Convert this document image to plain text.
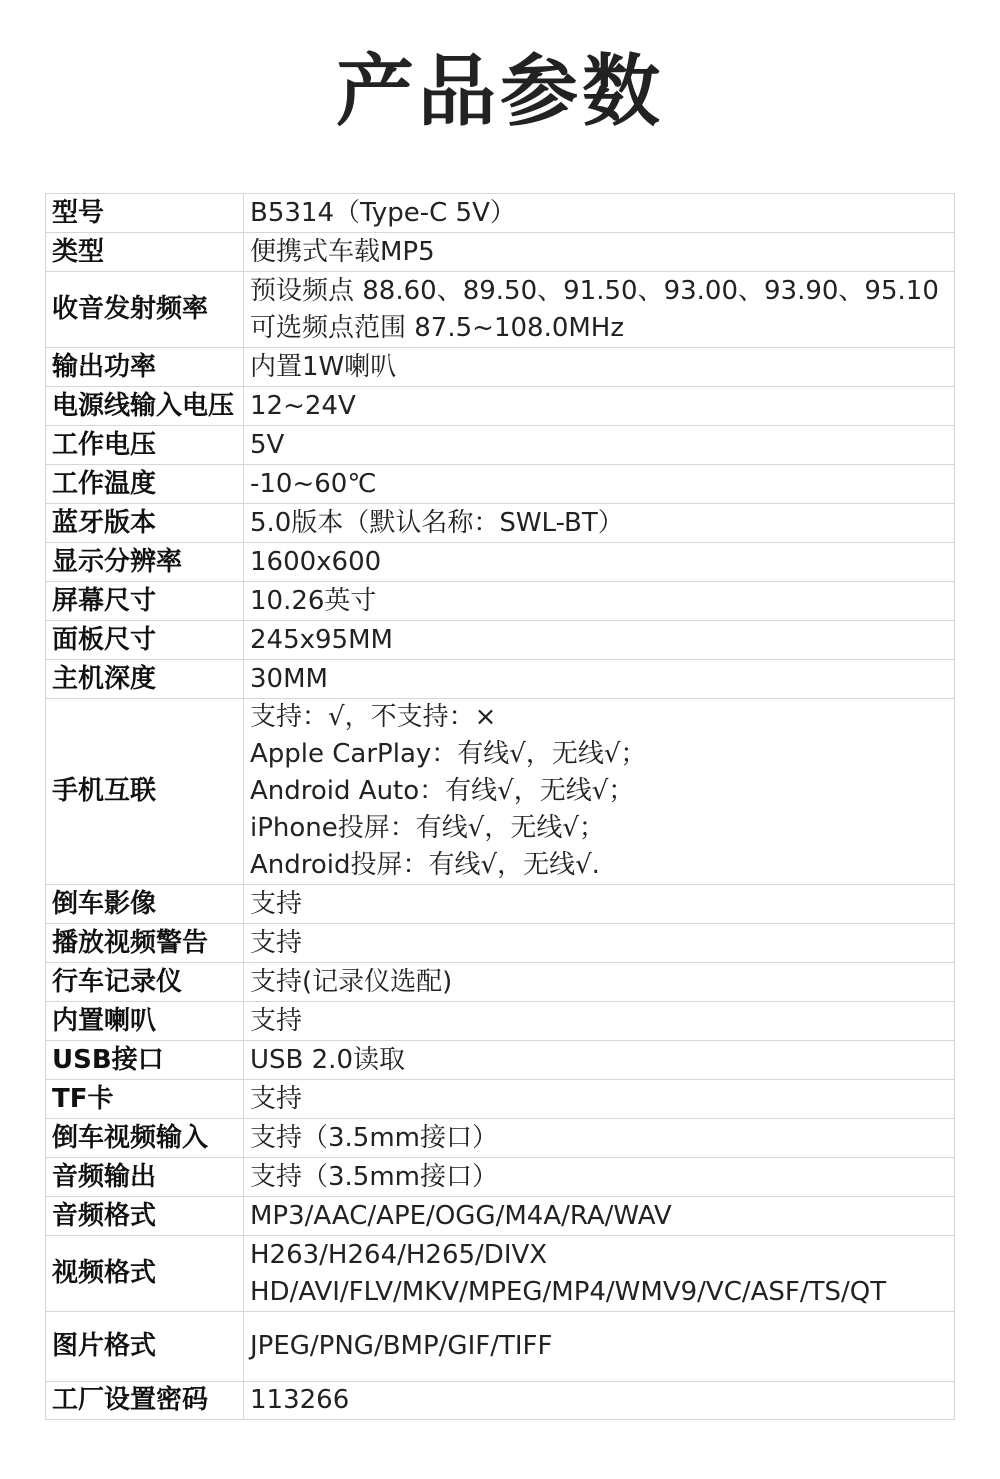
产品参数
型号	B5314（Type-C 5V）

类型	便携式车载MP5

收音发射频率	预设频点 88.60、89.50、91.50、93.00、93.90、95.10
可选频点范围 87.5~108.0MHz

输出功率	内置1W喇叭

电源线输入电压	12~24V

工作电压	5V

工作温度	-10~60℃

蓝牙版本	5.0版本（默认名称：SWL-BT）

显示分辨率	1600x600

屏幕尺寸	10.26英寸

面板尺寸	245x95MM

主机深度	30MM

手机互联	支持：√，不支持：×
Apple CarPlay：有线√，无线√；
Android Auto：有线√，无线√；
iPhone投屏：有线√，无线√；
Android投屏：有线√，无线√.

倒车影像	支持

播放视频警告	支持

行车记录仪	支持(记录仪选配)

内置喇叭	支持

USB接口	USB 2.0读取

TF卡	支持

倒车视频输入	支持（3.5mm接口）

音频输出	支持（3.5mm接口）

音频格式	MP3/AAC/APE/OGG/M4A/RA/WAV

视频格式	H263/H264/H265/DIVX
HD/AVI/FLV/MKV/MPEG/MP4/WMV9/VC/ASF/TS/QT

图片格式	JPEG/PNG/BMP/GIF/TIFF

工厂设置密码	113266
